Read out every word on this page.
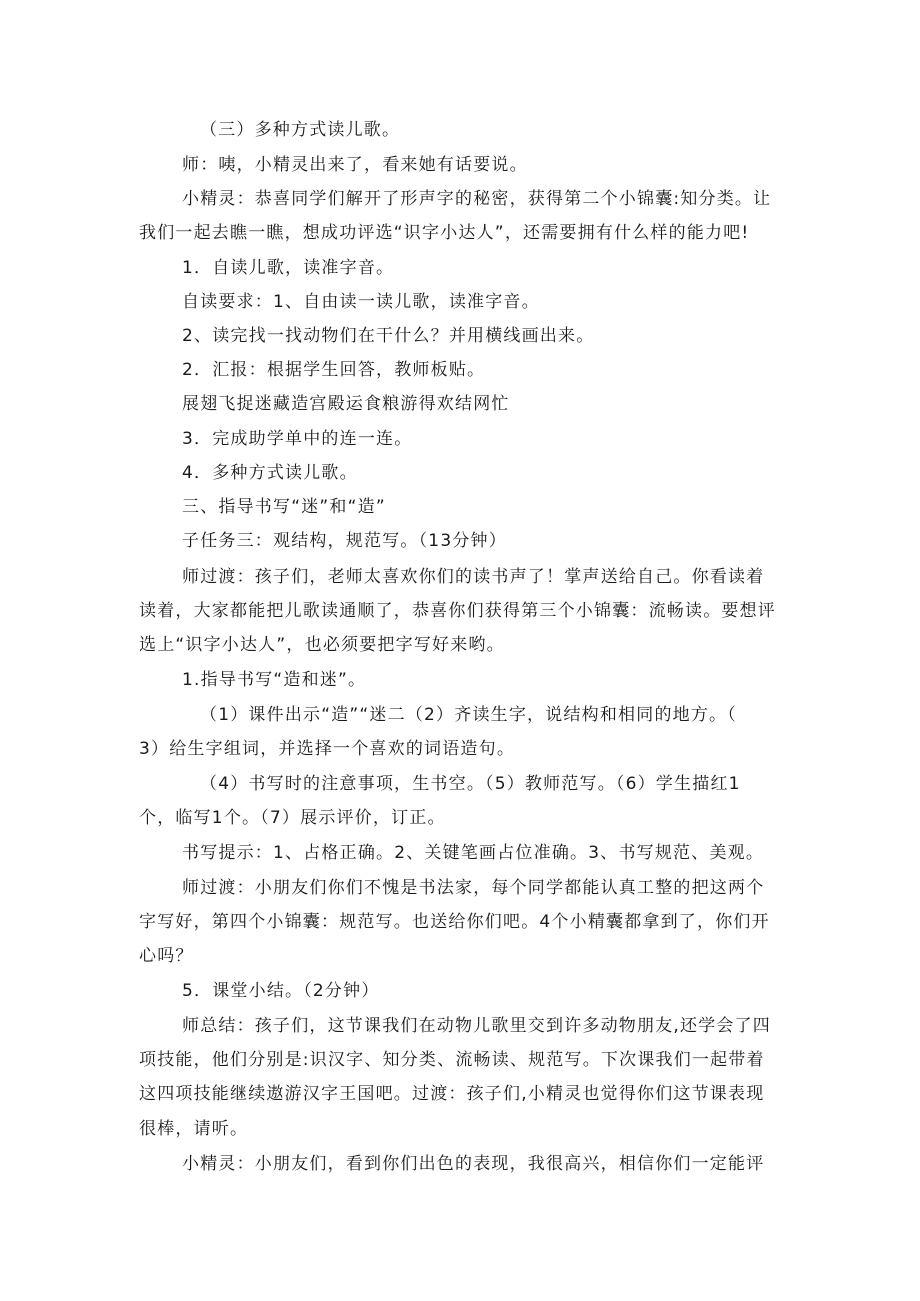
（三）多种方式读儿歌。
师：咦，小精灵出来了，看来她有话要说。
小精灵：恭喜同学们解开了形声字的秘密，获得第二个小锦囊:知分类。让
我们一起去瞧一瞧，想成功评选“识字小达人”，还需要拥有什么样的能力吧!
1．自读儿歌，读准字音。
自读要求：1、自由读一读儿歌，读准字音。
2、读完找一找动物们在干什么？并用横线画出来。
2．汇报：根据学生回答，教师板贴。
展翅飞捉迷藏造宫殿运食粮游得欢结网忙
3．完成助学单中的连一连。
4．多种方式读儿歌。
三、指导书写“迷”和“造”
子任务三：观结构，规范写。（13分钟）
师过渡：孩子们，老师太喜欢你们的读书声了！掌声送给自己。你看读着
读着，大家都能把儿歌读通顺了，恭喜你们获得第三个小锦囊：流畅读。要想评
选上“识字小达人”，也必须要把字写好来哟。
1.指导书写“造和迷”。
（1）课件出示“造”“迷二（2）齐读生字，说结构和相同的地方。（
3）给生字组词，并选择一个喜欢的词语造句。
（4）书写时的注意事项，生书空。（5）教师范写。（6）学生描红1
个，临写1个。（7）展示评价，订正。
书写提示：1、占格正确。2、关键笔画占位准确。3、书写规范、美观。
师过渡：小朋友们你们不愧是书法家，每个同学都能认真工整的把这两个
字写好，第四个小锦囊：规范写。也送给你们吧。4个小精囊都拿到了，你们开
心吗？
5．课堂小结。（2分钟）
师总结：孩子们，这节课我们在动物儿歌里交到许多动物朋友,还学会了四
项技能，他们分别是:识汉字、知分类、流畅读、规范写。下次课我们一起带着
这四项技能继续遨游汉字王国吧。过渡：孩子们,小精灵也觉得你们这节课表现
很棒，请听。
小精灵：小朋友们，看到你们出色的表现，我很高兴，相信你们一定能评
